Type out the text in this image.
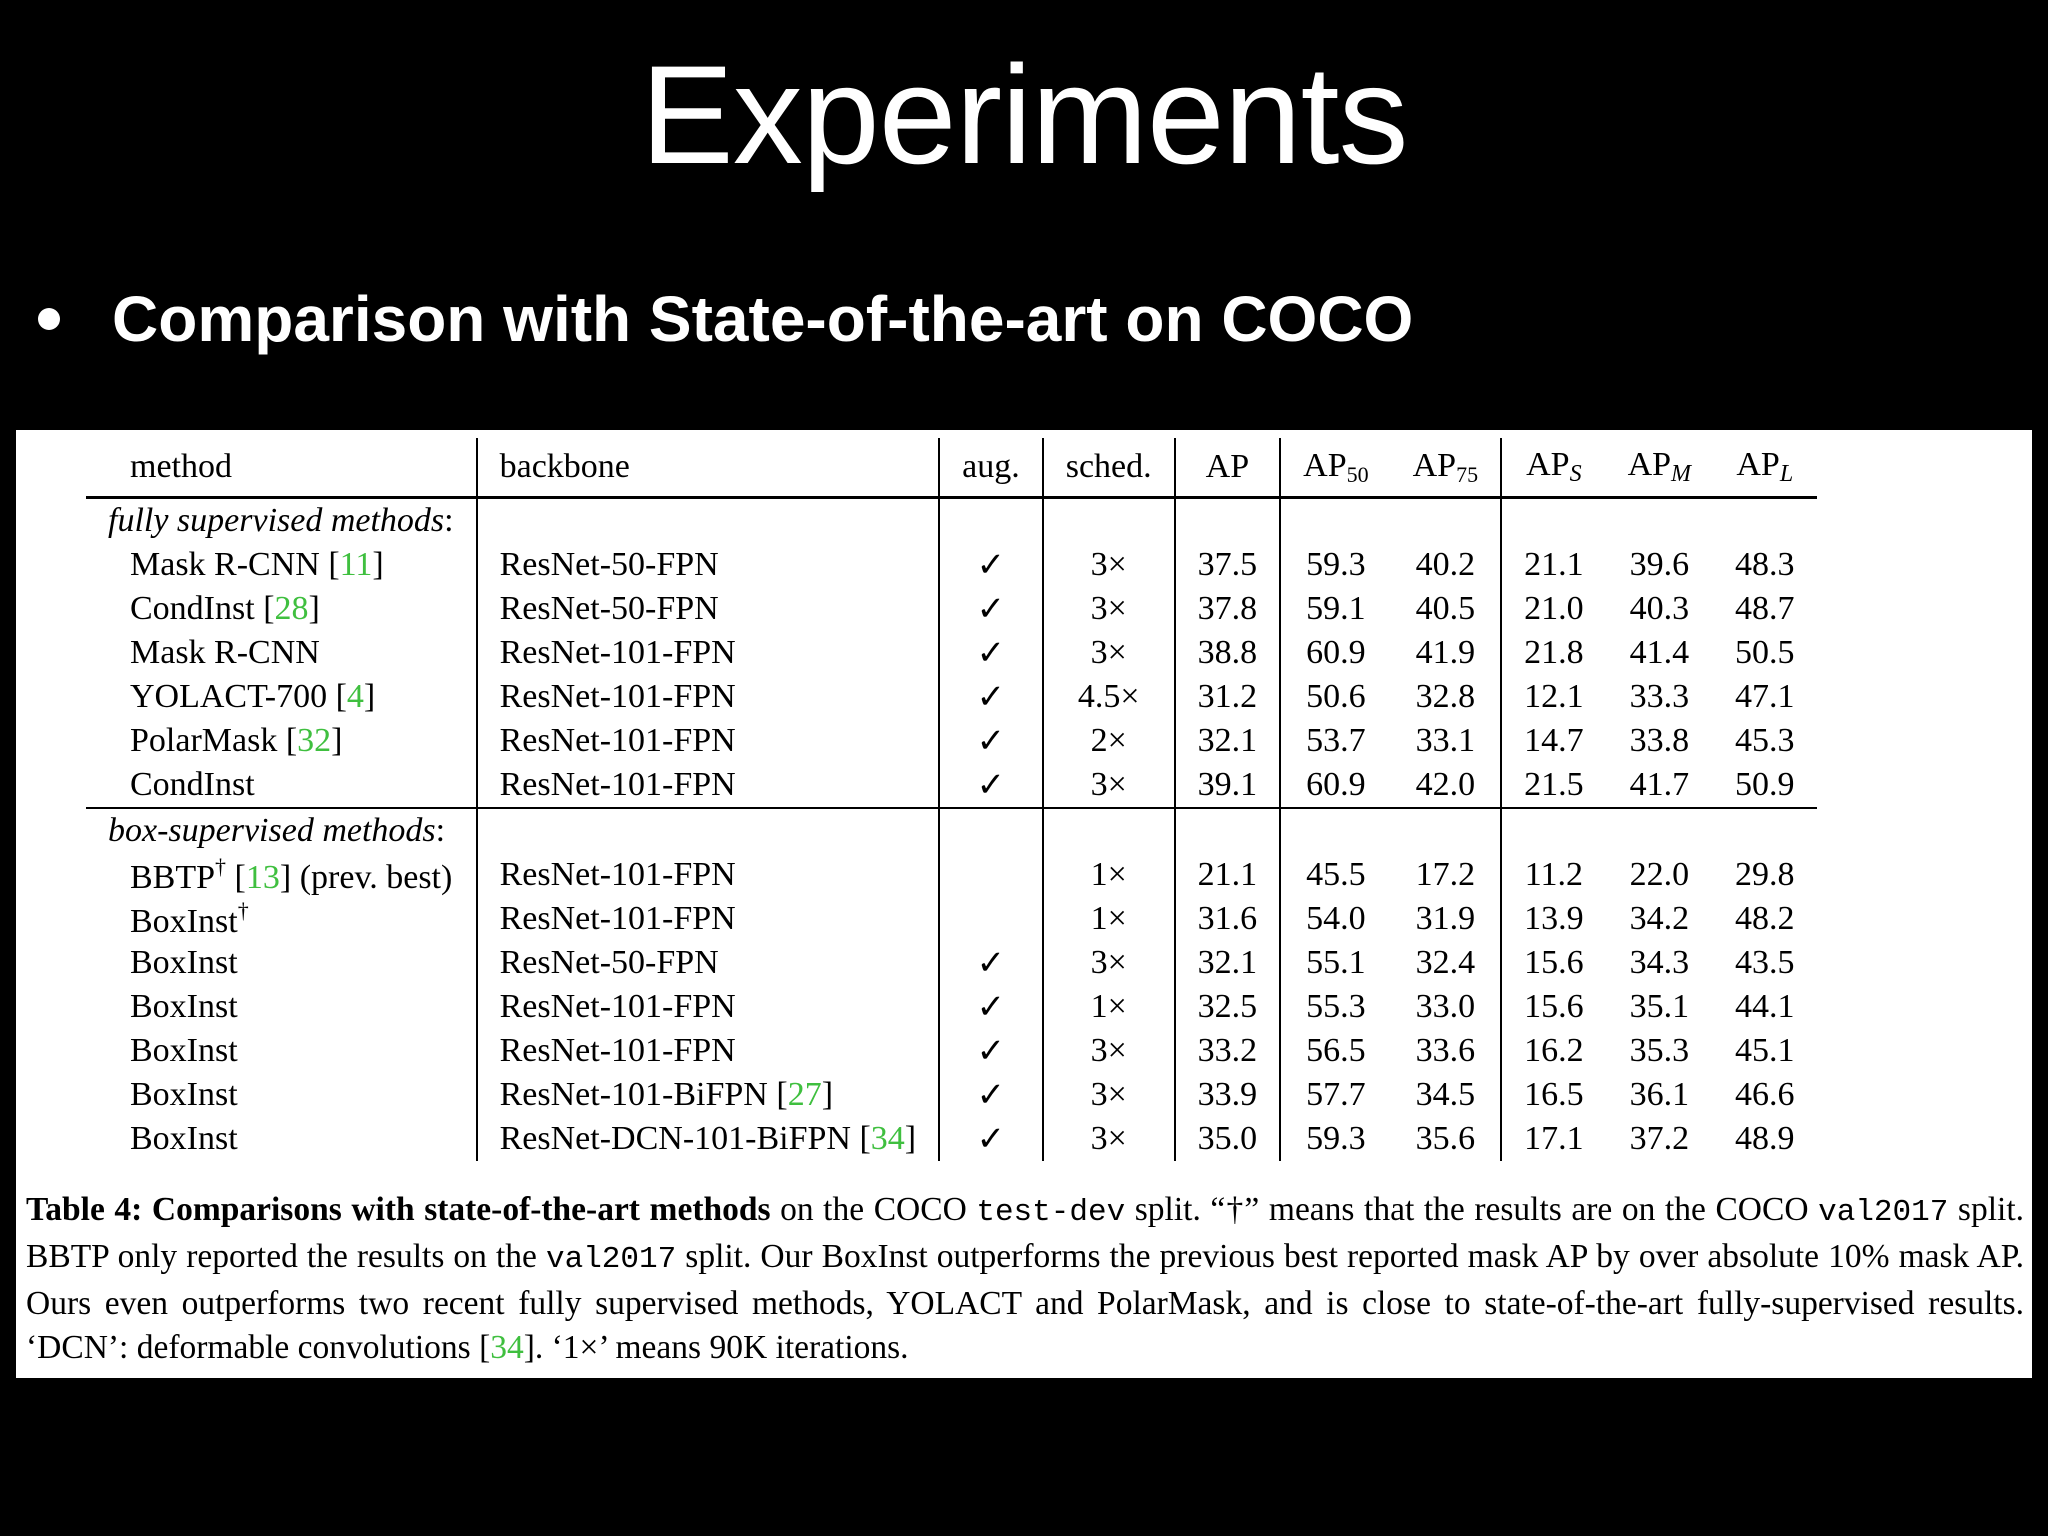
Experiments
Comparison with State-of-the-art on COCO
method	backbone	aug.	sched.	AP	$AP_{50}$	$AP_{75}$	APS	APM	APL
fully supervised methods:									
Mask R-CNN [11]	ResNet-50-FPN	✓	3×	37.5	59.3	40.2	21.1	39.6	48.3
CondInst [28]	ResNet-50-FPN	✓	3×	37.8	59.1	40.5	21.0	40.3	48.7
Mask R-CNN	ResNet-101-FPN	✓	3×	38.8	60.9	41.9	21.8	41.4	50.5
YOLACT-700 [4]	ResNet-101-FPN	✓	4.5×	31.2	50.6	32.8	12.1	33.3	47.1
PolarMask [32]	ResNet-101-FPN	✓	2×	32.1	53.7	33.1	14.7	33.8	45.3
CondInst	ResNet-101-FPN	✓	3×	39.1	60.9	42.0	21.5	41.7	50.9
box-supervised methods:									
BBTP† [13] (prev. best)	ResNet-101-FPN		1×	21.1	45.5	17.2	11.2	22.0	29.8
BoxInst†	ResNet-101-FPN		1×	31.6	54.0	31.9	13.9	34.2	48.2
BoxInst	ResNet-50-FPN	✓	3×	32.1	55.1	32.4	15.6	34.3	43.5
BoxInst	ResNet-101-FPN	✓	1×	32.5	55.3	33.0	15.6	35.1	44.1
BoxInst	ResNet-101-FPN	✓	3×	33.2	56.5	33.6	16.2	35.3	45.1
BoxInst	ResNet-101-BiFPN [27]	✓	3×	33.9	57.7	34.5	16.5	36.1	46.6
BoxInst	ResNet-DCN-101-BiFPN [34]	✓	3×	35.0	59.3	35.6	17.1	37.2	48.9
Table 4: Comparisons with state-of-the-art methods on the COCO test-dev split. “†” means that the results are on the COCO val2017 split. BBTP only reported the results on the val2017 split. Our BoxInst outperforms the previous best reported mask AP by over absolute 10% mask AP. Ours even outperforms two recent fully supervised methods, YOLACT and PolarMask, and is close to state-of-the-art fully-supervised results. ‘DCN’: deformable convolutions [34]. ‘1×’ means 90K iterations.
